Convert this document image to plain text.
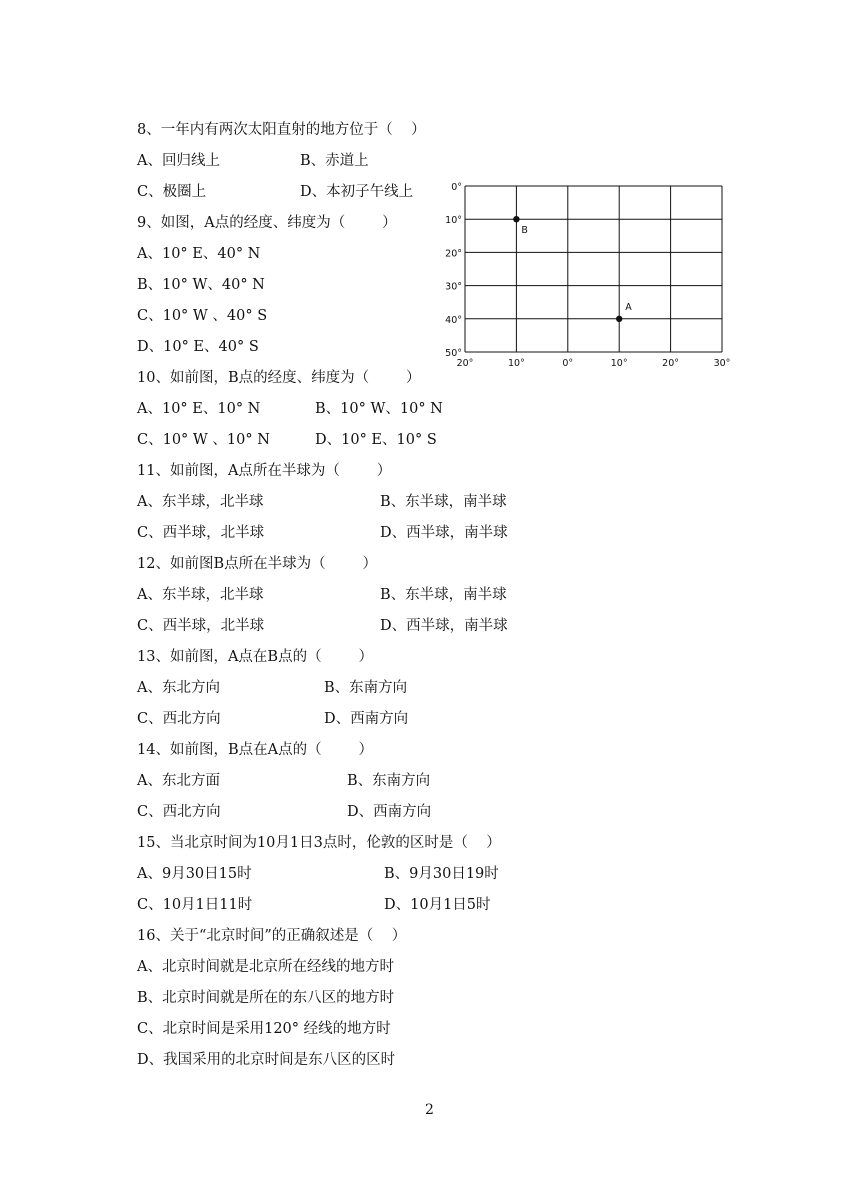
8、一年内有两次太阳直射的地方位于（    ）
A、回归线上	B、赤道上
C、极圈上	D、本初子午线上
9、如图，A点的经度、纬度为（        ）
A、10° E、40° N
B、10° W、40° N
C、10° W 、40° S
D、10° E、40° S
10、如前图，B点的经度、纬度为（        ）
A、10° E、10° N	B、10° W、10° N
C、10° W 、10° N	D、10° E、10° S
11、如前图，A点所在半球为（        ）
A、东半球，北半球	B、东半球，南半球
C、西半球，北半球	D、西半球，南半球
12、如前图B点所在半球为（        ）
A、东半球，北半球	B、东半球，南半球
C、西半球，北半球	D、西半球，南半球
13、如前图，A点在B点的（        ）
A、东北方向	B、东南方向
C、西北方向	D、西南方向
14、如前图，B点在A点的（        ）
A、东北方面	B、东南方向
C、西北方向	D、西南方向
15、当北京时间为10月1日3点时，伦敦的区时是（    ）
A、9月30日15时	B、9月30日19时
C、10月1日11时	D、10月1日5时
16、关于“北京时间”的正确叙述是（    ）
A、北京时间就是北京所在经线的地方时
B、北京时间就是所在的东八区的地方时
C、北京时间是采用120° 经线的地方时
D、我国采用的北京时间是东八区的区时
0°
10°
20°
30°
40°
50°
20°	10°	0°	10°	20°	30°
A
B
2
